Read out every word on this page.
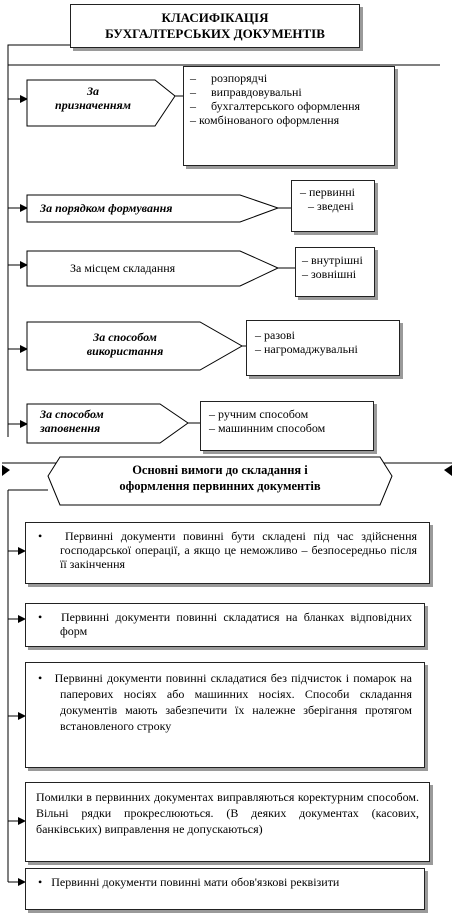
КЛАСИФІКАЦІЯ
БУХГАЛТЕРСЬКИХ ДОКУМЕНТІВ
За
призначенням
За порядком формування
За місцем складання
За способом
використання
За способом
заповнення
– розпорядчі
– виправдовувальні
– бухгалтерського оформлення
– комбінованого оформлення
– первинні
– зведені
– внутрішні
– зовнішні
– разові
– нагромаджувальні
– ручним способом
– машинним способом
Основні вимоги до складання і
оформлення первинних документів
• Первинні документи повинні бути складені під час здійснення господарської операції, а якщо це неможливо – безпосередньо після її закінчення
• Первинні документи повинні складатися на бланках відповідних форм
• Первинні документи повинні складатися без підчисток і помарок на паперових носіях або машинних носіях. Способи складання документів мають забезпечити їх належне зберігання протягом встановленого строку
Помилки в первинних документах виправляються коректурним способом. Вільні рядки прокреслюються. (В деяких документах (касових, банківських) виправлення не допускаються)
• Первинні документи повинні мати обов'язкові реквізити
